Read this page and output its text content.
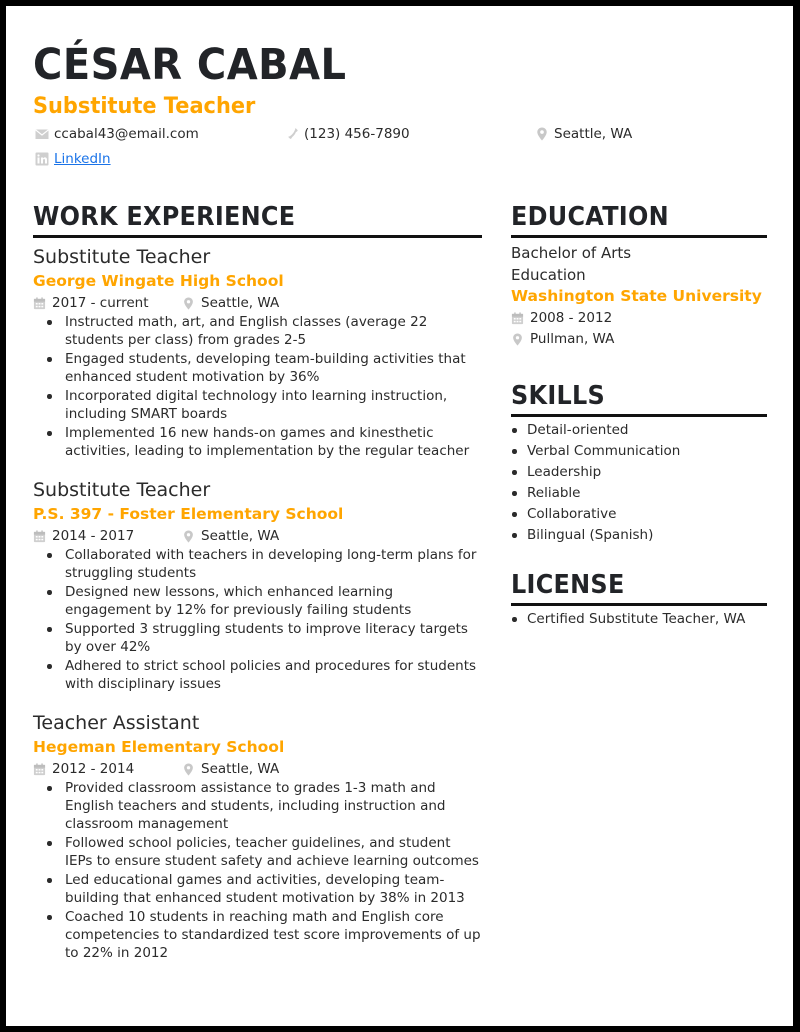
CÉSAR CABAL
Substitute Teacher
ccabal43@email.com	(123) 456-7890	Seattle, WA
LinkedIn
WORK EXPERIENCE
Substitute Teacher
George Wingate High School
2017 - current	Seattle, WA
Instructed math, art, and English classes (average 22 students per class) from grades 2-5
Engaged students, developing team-building activities that enhanced student motivation by 36%
Incorporated digital technology into learning instruction, including SMART boards
Implemented 16 new hands-on games and kinesthetic activities, leading to implementation by the regular teacher
Substitute Teacher
P.S. 397 - Foster Elementary School
2014 - 2017	Seattle, WA
Collaborated with teachers in developing long-term plans for struggling students
Designed new lessons, which enhanced learning engagement by 12% for previously failing students
Supported 3 struggling students to improve literacy targets by over 42%
Adhered to strict school policies and procedures for students with disciplinary issues
Teacher Assistant
Hegeman Elementary School
2012 - 2014	Seattle, WA
Provided classroom assistance to grades 1-3 math and English teachers and students, including instruction and classroom management
Followed school policies, teacher guidelines, and student IEPs to ensure student safety and achieve learning outcomes
Led educational games and activities, developing team-building that enhanced student motivation by 38% in 2013
Coached 10 students in reaching math and English core competencies to standardized test score improvements of up to 22% in 2012
EDUCATION
Bachelor of Arts
Education
Washington State University
2008 - 2012
Pullman, WA
SKILLS
Detail-oriented
Verbal Communication
Leadership
Reliable
Collaborative
Bilingual (Spanish)
LICENSE
Certified Substitute Teacher, WA
